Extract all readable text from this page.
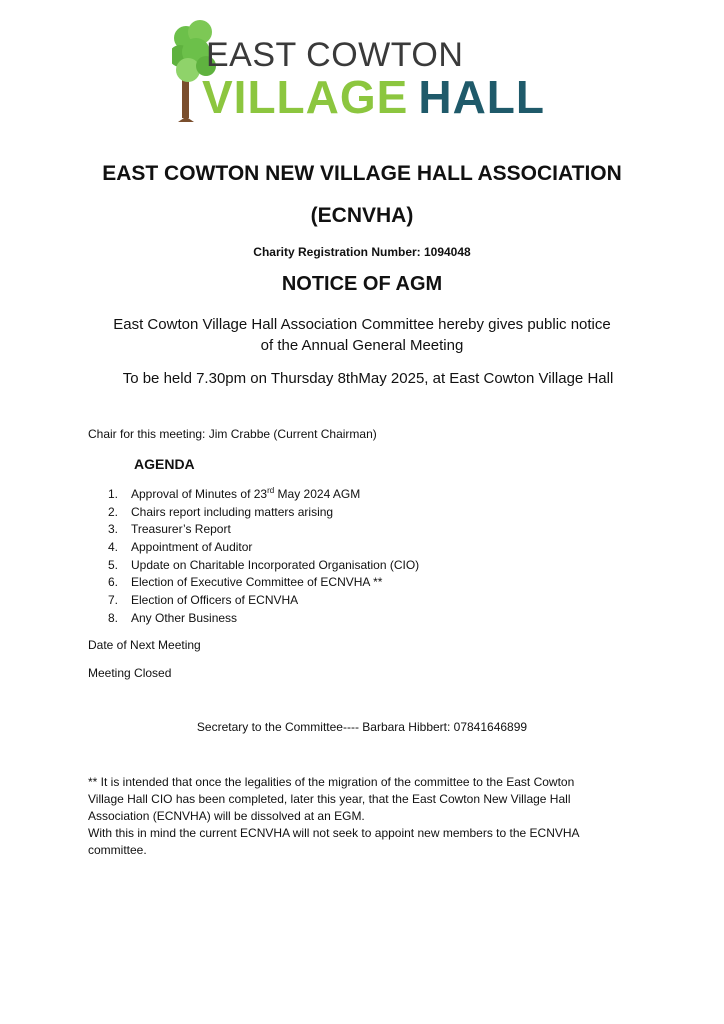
EAST COWTON
VILLAGE HALL
EAST COWTON NEW VILLAGE HALL ASSOCIATION
(ECNVHA)
Charity Registration Number: 1094048
NOTICE OF AGM
East Cowton Village Hall Association Committee hereby gives public notice
of the Annual General Meeting
To be held 7.30pm on Thursday 8thMay 2025, at East Cowton Village Hall
Chair for this meeting: Jim Crabbe (Current Chairman)
AGENDA
1. Approval of Minutes of 23rd May 2024 AGM
2. Chairs report including matters arising
3. Treasurer’s Report
4. Appointment of Auditor
5. Update on Charitable Incorporated Organisation (CIO)
6. Election of Executive Committee of ECNVHA **
7. Election of Officers of ECNVHA
8. Any Other Business
Date of Next Meeting
Meeting Closed
Secretary to the Committee---- Barbara Hibbert: 07841646899
** It is intended that once the legalities of the migration of the committee to the East Cowton
Village Hall CIO has been completed, later this year, that the East Cowton New Village Hall
Association (ECNVHA) will be dissolved at an EGM.
With this in mind the current ECNVHA will not seek to appoint new members to the ECNVHA
committee.
